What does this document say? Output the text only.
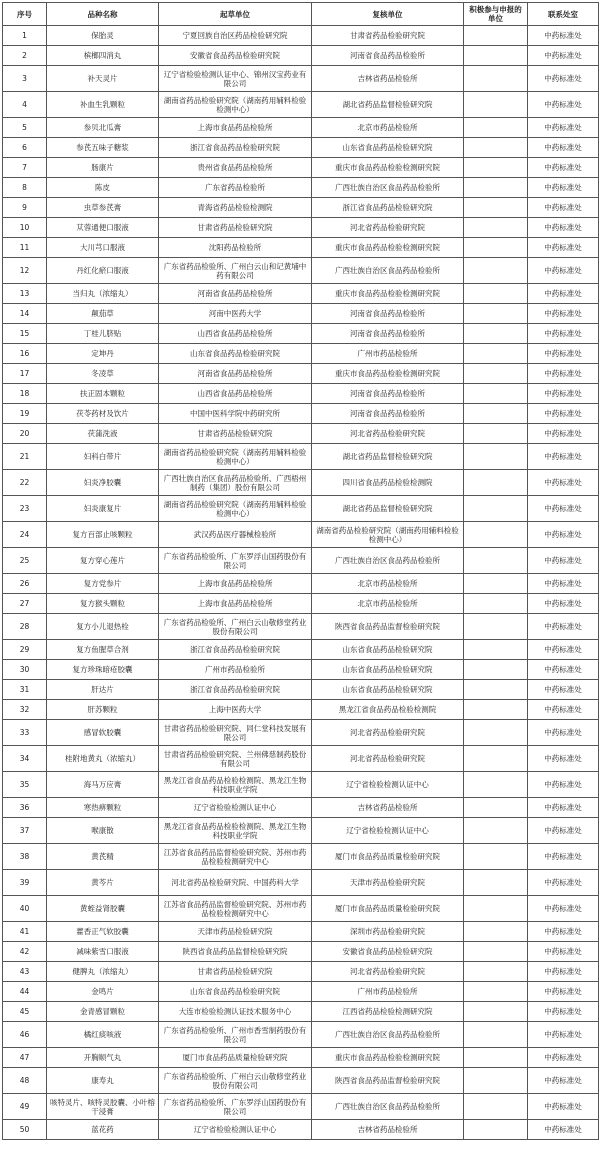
序号	品种名称	起草单位	复核单位	积极参与申报的单位	联系处室
1	保胎灵	宁夏回族自治区药品检验研究院	甘肃省药品检验研究院		中药标准处
2	槟榔四消丸	安徽省食品药品检验研究院	河南省食品药品检验所		中药标准处
3	补天灵片	辽宁省检验检测认证中心、锦州汉宝药业有限公司	吉林省药品检验所		中药标准处
4	补血生乳颗粒	湖南省药品检验研究院（湖南药用辅料检验检测中心）	湖北省药品监督检验研究院		中药标准处
5	参贝北瓜膏	上海市食品药品检验所	北京市药品检验所		中药标准处
6	参芪五味子糖浆	浙江省食品药品检验研究院	山东省食品药品检验研究院		中药标准处
7	肠康片	贵州省食品药品检验所	重庆市食品药品检验检测研究院		中药标准处
8	陈皮	广东省药品检验所	广西壮族自治区食品药品检验所		中药标准处
9	虫草参芪膏	青海省药品检验检测院	浙江省食品药品检验研究院		中药标准处
10	苁蓉通便口服液	甘肃省药品检验研究院	河北省药品检验研究院		中药标准处
11	大川芎口服液	沈阳药品检验所	重庆市食品药品检验检测研究院		中药标准处
12	丹红化瘀口服液	广东省药品检验所、广州白云山和记黄埔中药有限公司	广西壮族自治区食品药品检验所		中药标准处
13	当归丸（浓缩丸）	河南省食品药品检验所	重庆市食品药品检验检测研究院		中药标准处
14	颠茄草	河南中医药大学	河南省食品药品检验所		中药标准处
15	丁桂儿脐贴	山西省食品药品检验所	河南省食品药品检验所		中药标准处
16	定坤丹	山东省食品药品检验研究院	广州市药品检验所		中药标准处
17	冬凌草	河南省食品药品检验所	重庆市食品药品检验检测研究院		中药标准处
18	扶正固本颗粒	山西省食品药品检验所	河南省食品药品检验所		中药标准处
19	茯苓药材及饮片	中国中医科学院中药研究所	河南省食品药品检验所		中药标准处
20	茯蒲洗液	甘肃省药品检验研究院	河北省药品检验研究院		中药标准处
21	妇科白带片	湖南省药品检验研究院（湖南药用辅料检验检测中心）	湖北省药品监督检验研究院		中药标准处
22	妇炎净胶囊	广西壮族自治区食品药品检验所、广西梧州制药（集团）股份有限公司	四川省食品药品检验检测院		中药标准处
23	妇炎康复片	湖南省药品检验研究院（湖南药用辅料检验检测中心）	湖北省药品监督检验研究院		中药标准处
24	复方百部止咳颗粒	武汉药品医疗器械检验所	湖南省药品检验研究院（湖南药用辅料检验检测中心）		中药标准处
25	复方穿心莲片	广东省药品检验所、广东罗浮山国药股份有限公司	广西壮族自治区食品药品检验所		中药标准处
26	复方党参片	上海市食品药品检验所	北京市药品检验所		中药标准处
27	复方猴头颗粒	上海市食品药品检验所	北京市药品检验所		中药标准处
28	复方小儿退热栓	广东省药品检验所、广州白云山敬修堂药业股份有限公司	陕西省食品药品监督检验研究院		中药标准处
29	复方鱼腥草合剂	浙江省食品药品检验研究院	山东省食品药品检验研究院		中药标准处
30	复方珍珠暗疮胶囊	广州市药品检验所	山东省食品药品检验研究院		中药标准处
31	肝达片	浙江省食品药品检验研究院	山东省食品药品检验研究院		中药标准处
32	肝苏颗粒	上海中医药大学	黑龙江省食品药品检验检测院		中药标准处
33	感冒软胶囊	甘肃省药品检验研究院、同仁堂科技发展有限公司	河北省药品检验研究院		中药标准处
34	桂附地黄丸（浓缩丸）	甘肃省药品检验研究院、兰州佛慈制药股份有限公司	河北省药品检验研究院		中药标准处
35	海马万应膏	黑龙江省食品药品检验检测院、黑龙江生物科技职业学院	辽宁省检验检测认证中心		中药标准处
36	寒热痹颗粒	辽宁省检验检测认证中心	吉林省药品检验所		中药标准处
37	喉康散	黑龙江省食品药品检验检测院、黑龙江生物科技职业学院	辽宁省检验检测认证中心		中药标准处
38	黄芪精	江苏省食品药品监督检验研究院、苏州市药品检验检测研究中心	厦门市食品药品质量检验研究院		中药标准处
39	黄芩片	河北省药品检验研究院、中国药科大学	天津市药品检验研究院		中药标准处
40	黄蛭益肾胶囊	江苏省食品药品监督检验研究院、苏州市药品检验检测研究中心	厦门市食品药品质量检验研究院		中药标准处
41	藿香正气软胶囊	天津市药品检验研究院	深圳市药品检验研究院		中药标准处
42	减味紫雪口服液	陕西省食品药品监督检验研究院	安徽省食品药品检验研究院		中药标准处
43	健脾丸（浓缩丸）	甘肃省药品检验研究院	河北省药品检验研究院		中药标准处
44	金鸣片	山东省食品药品检验研究院	广州市药品检验所		中药标准处
45	金青感冒颗粒	大连市检验检测认证技术服务中心	江西省药品检验检测研究院		中药标准处
46	橘红痰咳液	广东省药品检验所、广州市香雪制药股份有限公司	广西壮族自治区食品药品检验所		中药标准处
47	开胸顺气丸	厦门市食品药品质量检验研究院	重庆市食品药品检验检测研究院		中药标准处
48	康寿丸	广东省药品检验所、广州白云山敬修堂药业股份有限公司	陕西省食品药品监督检验研究院		中药标准处
49	咳特灵片、咳特灵胶囊、小叶榕干浸膏	广东省药品检验所、广东罗浮山国药股份有限公司	广西壮族自治区食品药品检验所		中药标准处
50	蓝花药	辽宁省检验检测认证中心	吉林省药品检验所		中药标准处
